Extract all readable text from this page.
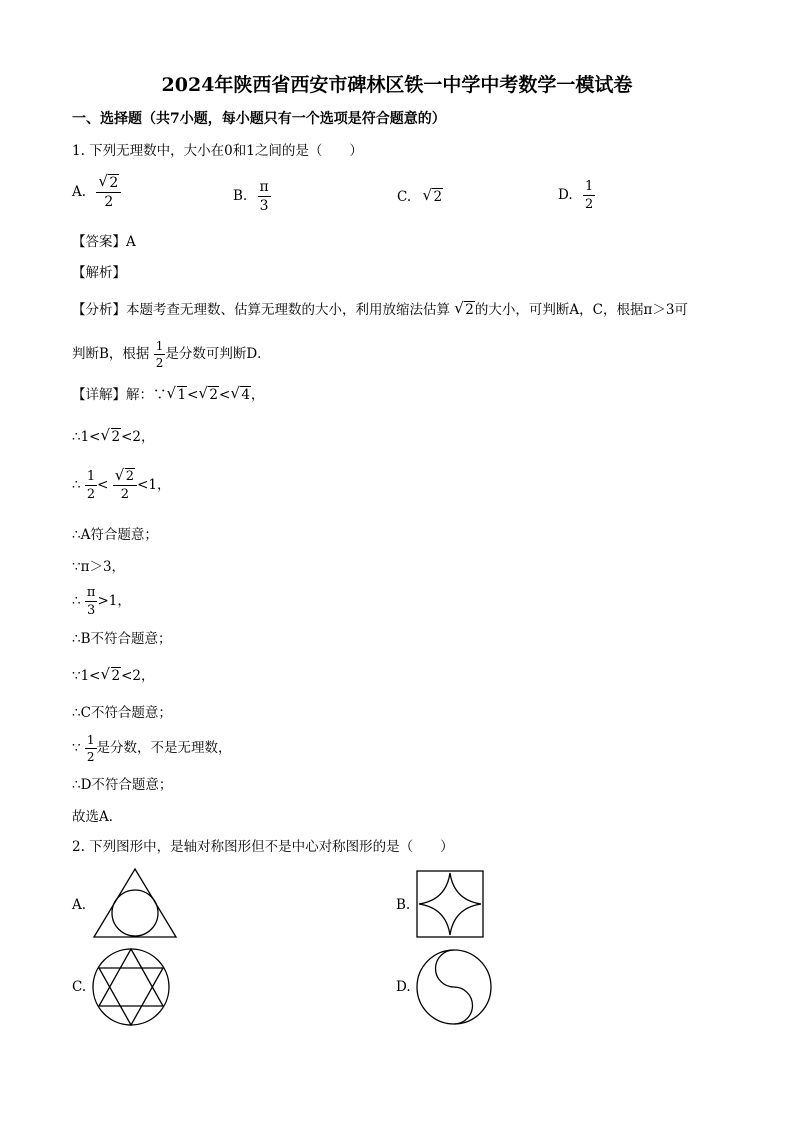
2024年陕西省西安市碑林区铁一中学中考数学一模试卷
一、选择题（共7小题，每小题只有一个选项是符合题意的）
1. 下列无理数中，大小在0和1之间的是（　　）
A. √ $\frac{2}{2}$	B. $\frac{\pi}{3}$	C. √ 2	D. $\frac{1}{2}$
【答案】A
【解析】
【分析】本题考查无理数、估算无理数的大小，利用放缩法估算 √ 2的大小，可判断A，C，根据π＞3可
判断B，根据 $\frac{1}{2}$ 是分数可判断D．
【详解】解：∵ √ 1< √ 2< √ 4，
∴1< √ 2<2，
∴ $\frac{1}{2}$ < √ $\frac{2}{2} <1$，
∴A符合题意；
∵π＞3，
∴ $\frac{\pi}{3} >1$，
∴B不符合题意；
∵1< √ 2<2，
∴C不符合题意；
∵ $\frac{1}{2}$ 是分数，不是无理数，
∴D不符合题意；
故选A．
2. 下列图形中，是轴对称图形但不是中心对称图形的是（　　）
A.	B.
C.	D.
